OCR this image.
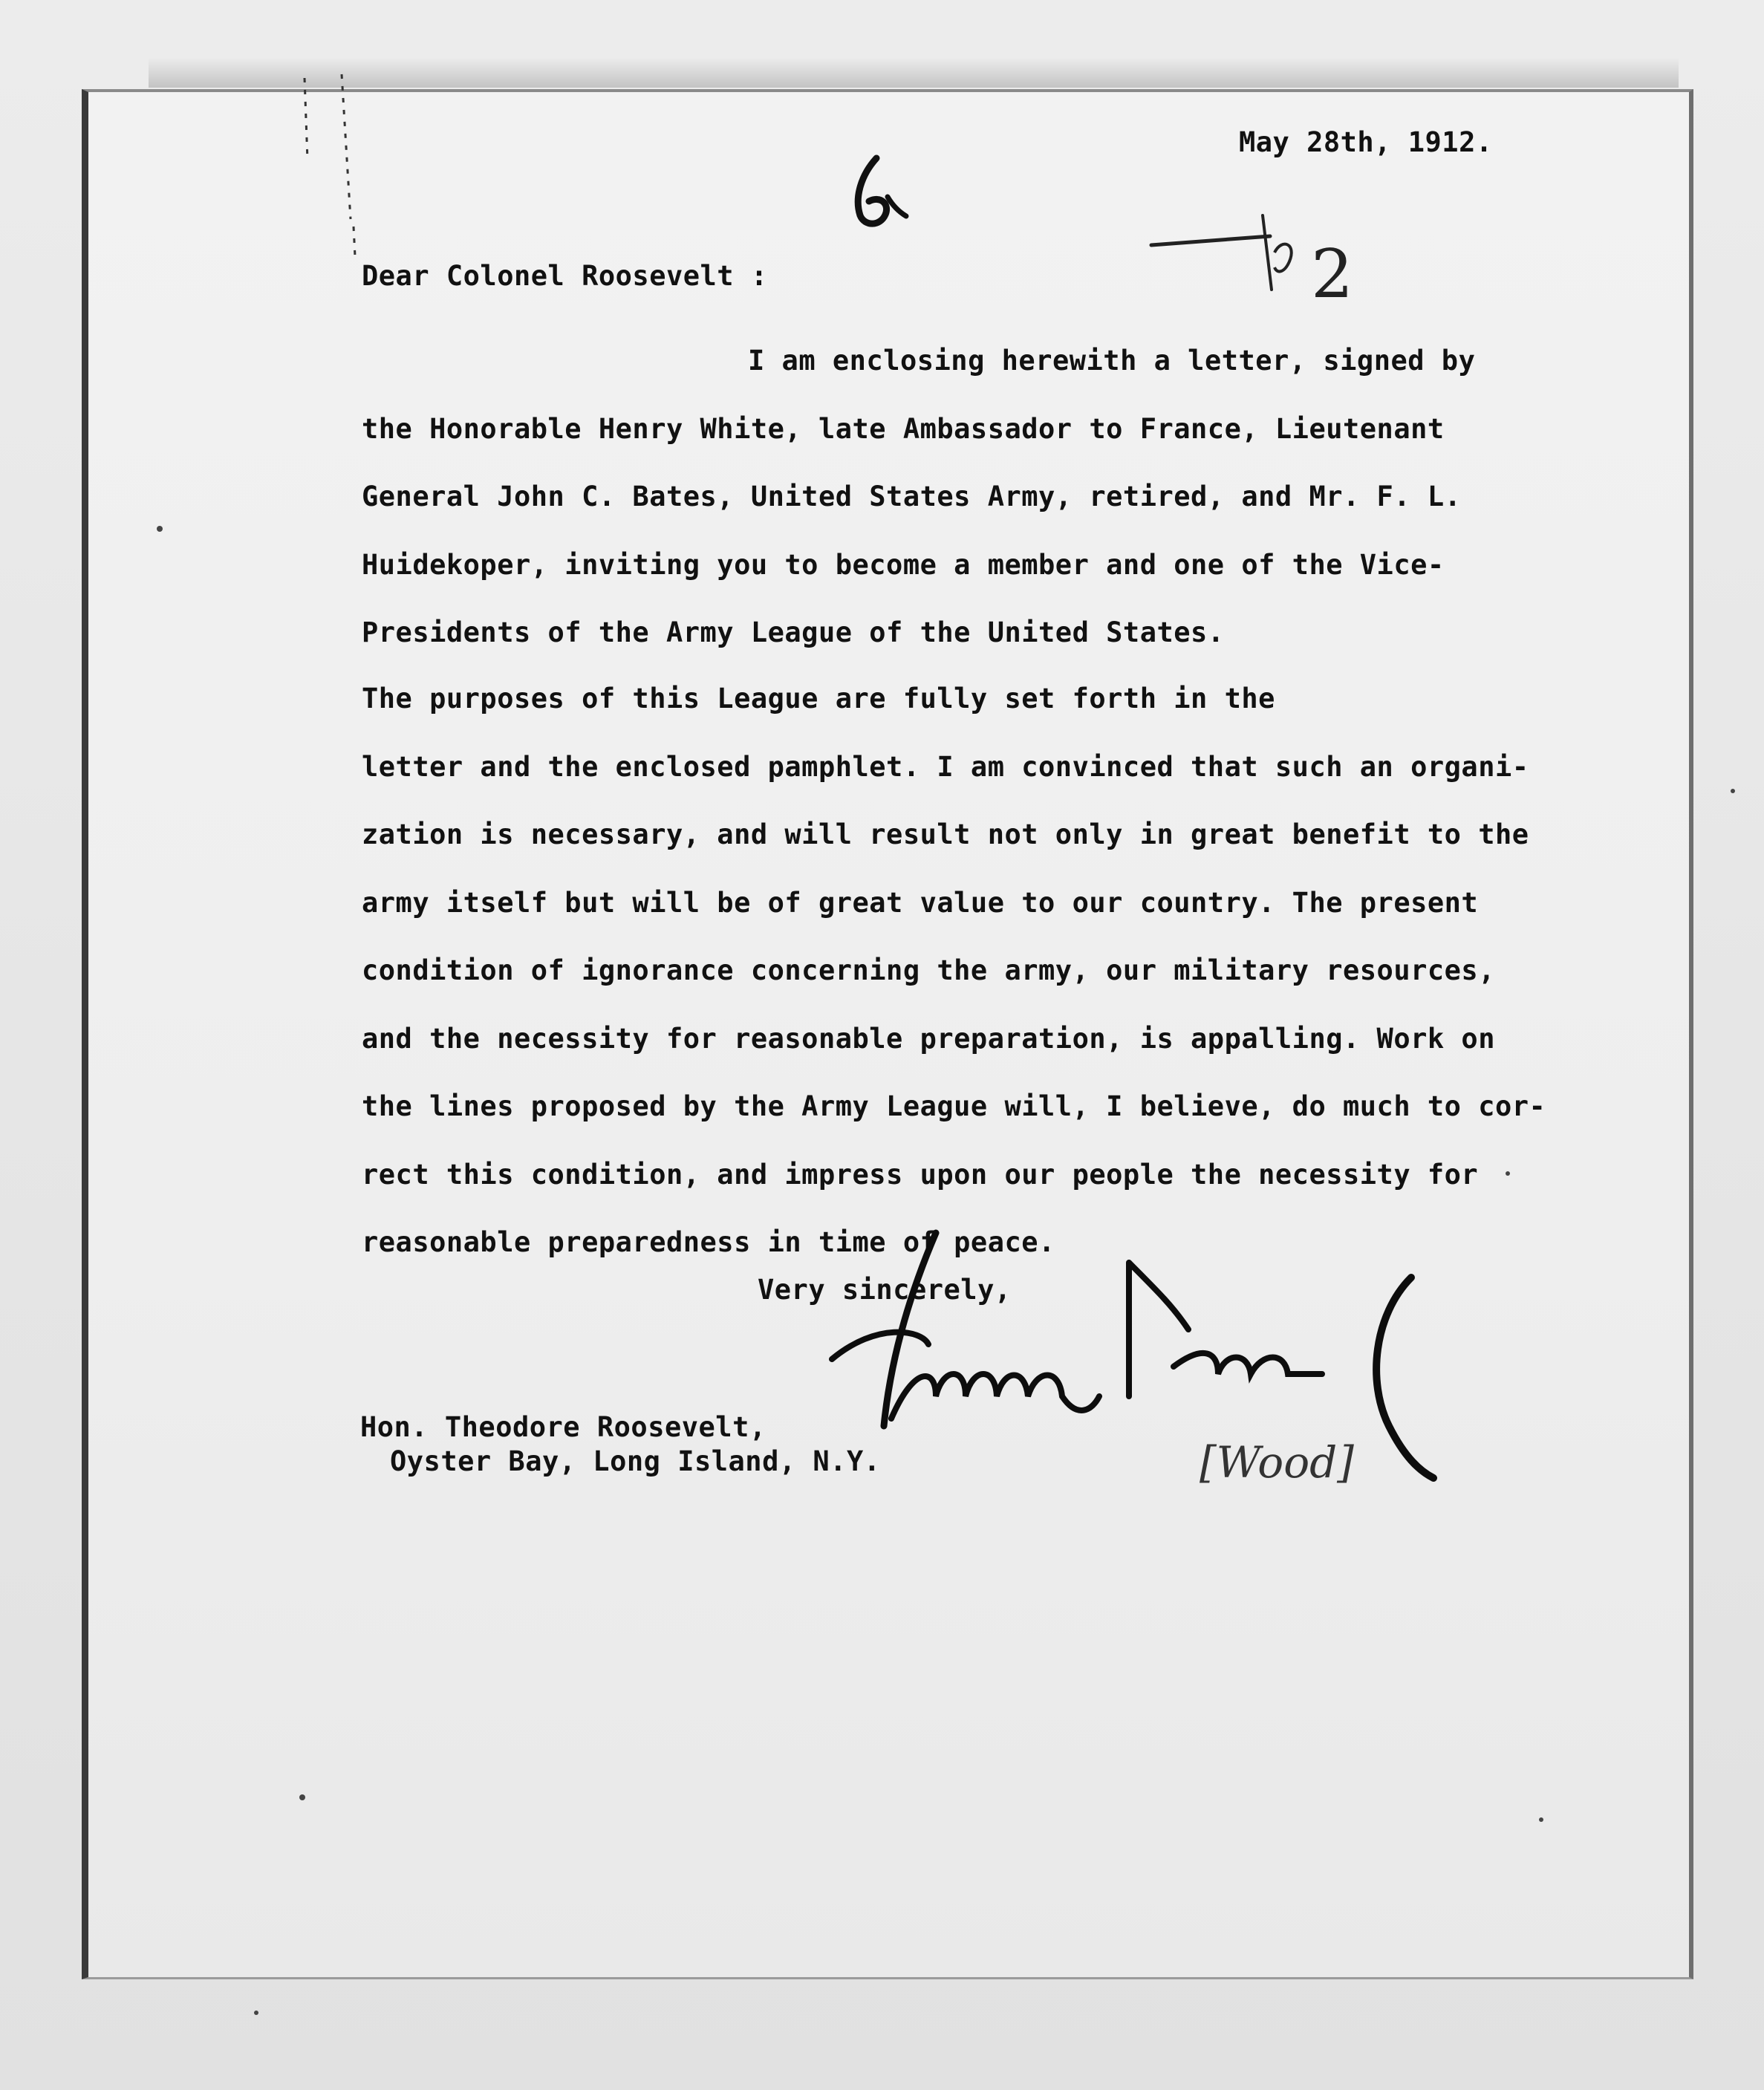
May 28th, 1912.
Dear Colonel Roosevelt :
I am enclosing herewith a letter, signed by
the Honorable Henry White, late Ambassador to France, Lieutenant
General John C. Bates, United States Army, retired, and Mr. F. L.
Huidekoper, inviting you to become a member and one of the Vice-
Presidents of the Army League of the United States.
The purposes of this League are fully set forth in the
letter and the enclosed pamphlet. I am convinced that such an organi-
zation is necessary, and will result not only in great benefit to the
army itself but will be of great value to our country. The present
condition of ignorance concerning the army, our military resources,
and the necessity for reasonable preparation, is appalling. Work on
the lines proposed by the Army League will, I believe, do much to cor-
rect this condition, and impress upon our people the necessity for
reasonable preparedness in time of peace.
Very sincerely,
Hon. Theodore Roosevelt,
Oyster Bay, Long Island, N.Y.
2
[Wood]
